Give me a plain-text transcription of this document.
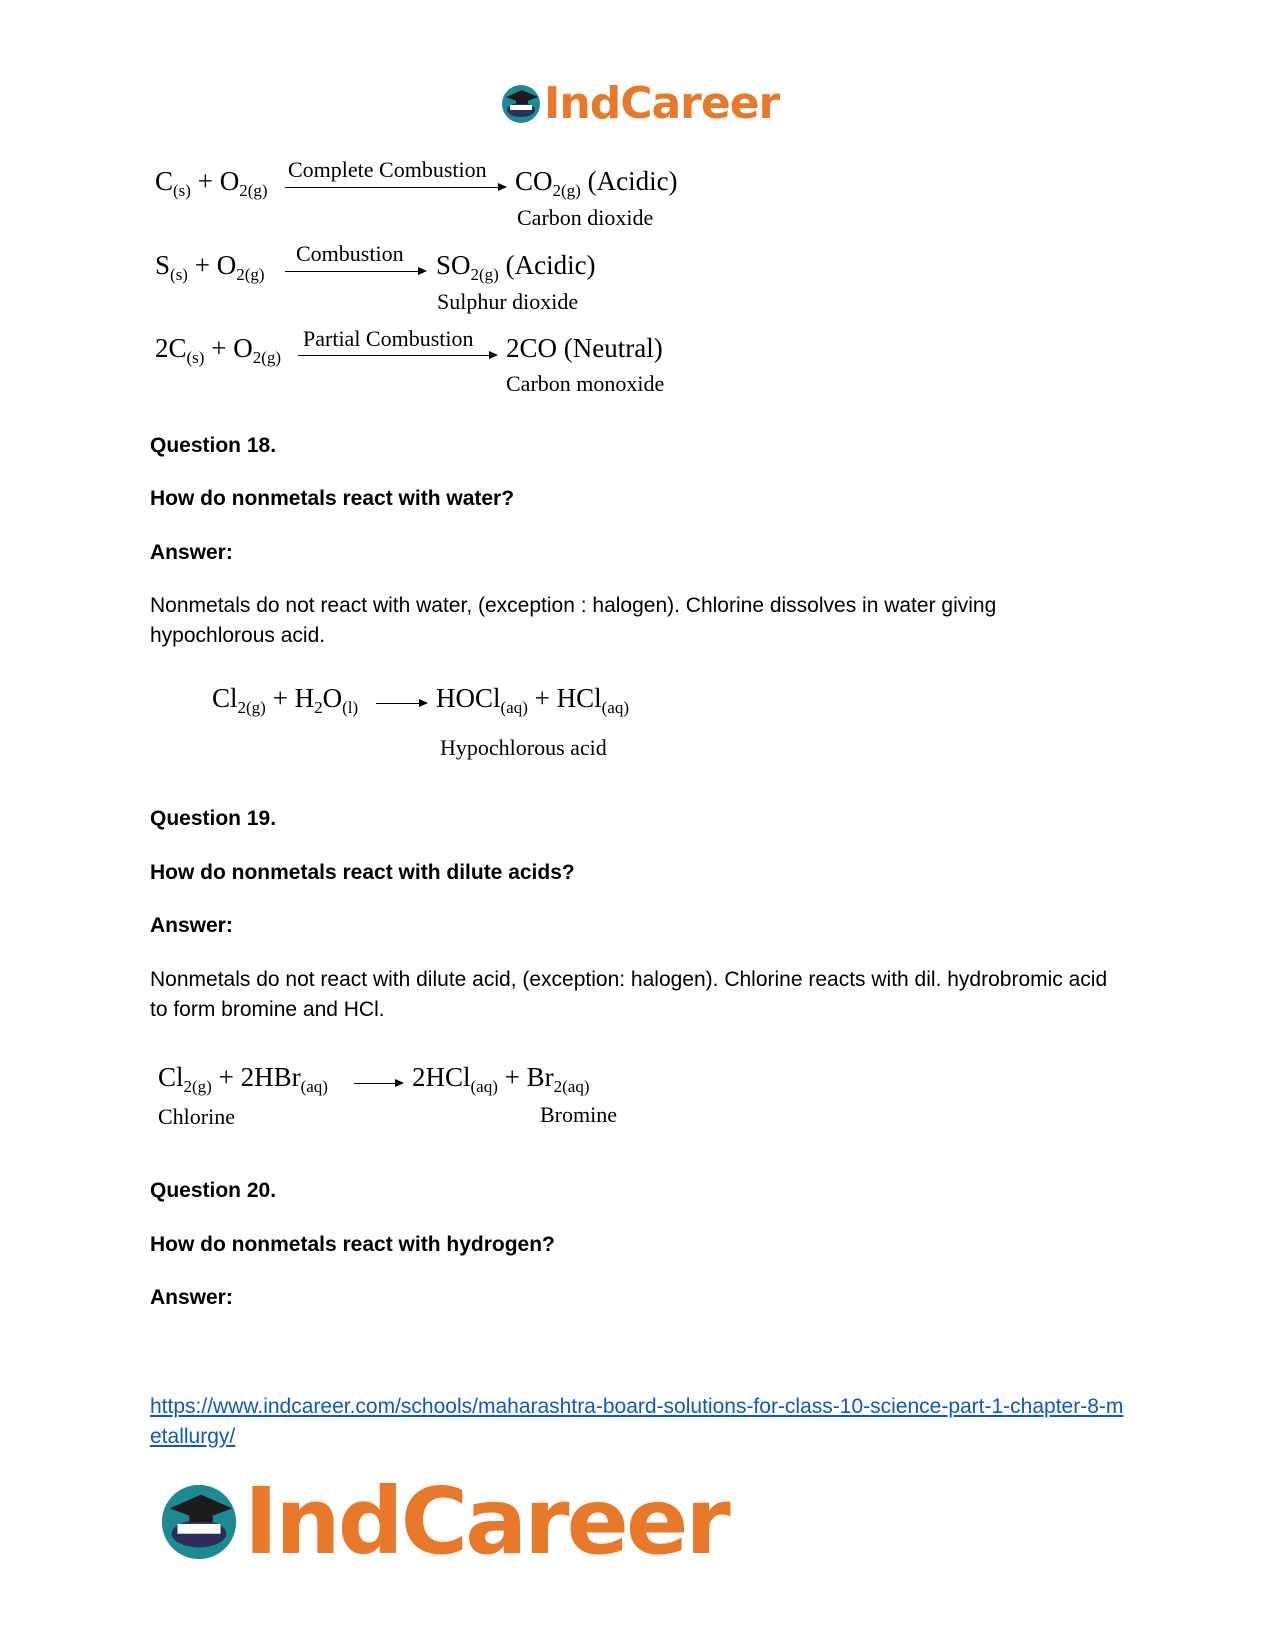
IndCareer
$C_{(s)} + O_{2(g)}$
Complete Combustion $CO_{2(g)}$ (Acidic)
Carbon dioxide
$S_{(s)} + O_{2(g)}$
Combustion $SO_{2(g)}$ (Acidic)
Sulphur dioxide
$2C_{(s)} + O_{2(g)}$
Partial Combustion 2CO (Neutral)
Carbon monoxide
Question 18.
How do nonmetals react with water?
Answer:
Nonmetals do not react with water, (exception : halogen). Chlorine dissolves in water giving hypochlorous acid.
$Cl_{2(g)} + H_2O_{(l)}$ → HOCl$_{(aq)}$ + HCl$_{(aq)}$
Hypochlorous acid
Question 19.
How do nonmetals react with dilute acids?
Answer:
Nonmetals do not react with dilute acid, (exception: halogen). Chlorine reacts with dil. hydrobromic acid to form bromine and HCl.
$Cl_{2(g)} + 2HBr_{(aq)} \to 2HCl_{(aq)} + Br_{2(aq)}$
Chlorine	Bromine
Question 20.
How do nonmetals react with hydrogen?
Answer:
https://www.indcareer.com/schools/maharashtra-board-solutions-for-class-10-science-part-1-chapter-8-metallurgy/
IndCareer
